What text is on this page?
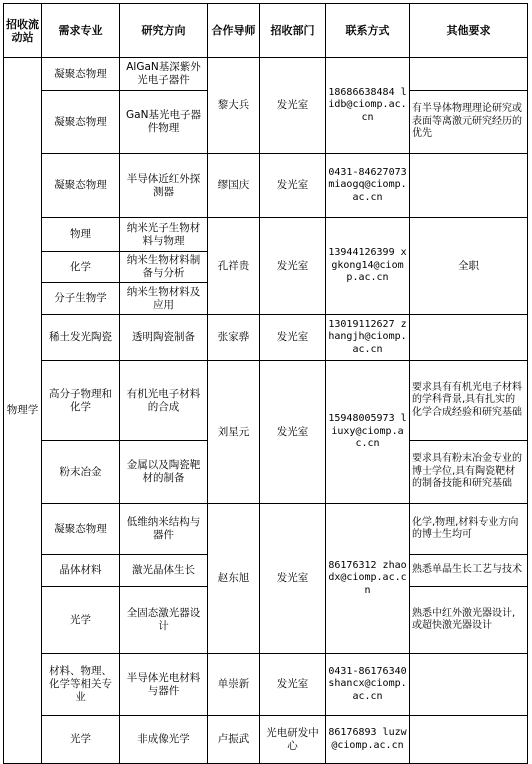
招收流动站	需求专业	研究方向	合作导师	招收部门	联系方式	其他要求
物理学	凝聚态物理	AlGaN基深紫外光电子器件	黎大兵	发光室	18686638484 lidb@ciomp.ac.cn	
	凝聚态物理	GaN基光电子器件物理				有半导体物理理论研究或表面等离激元研究经历的优先
	凝聚态物理	半导体近红外探测器	缪国庆	发光室	0431-84627073 miaogq@ciomp.ac.cn	
	物理	纳米光子生物材料与物理	孔祥贵	发光室	13944126399 xgkong14@ciomp.ac.cn	全职
	化学	纳米生物材料制备与分析				
	分子生物学	纳米生物材料及应用				
	稀土发光陶瓷	透明陶瓷制备	张家骅	发光室	13019112627 zhangjh@ciomp.ac.cn	
	高分子物理和化学	有机光电子材料的合成	刘星元	发光室	15948005973 liuxy@ciomp.ac.cn	要求具有有机光电子材料的学科背景,具有扎实的化学合成经验和研究基础
	粉末冶金	金属以及陶瓷靶材的制备				要求具有粉末冶金专业的博士学位,具有陶瓷靶材的制备技能和研究基础
	凝聚态物理	低维纳米结构与器件	赵东旭	发光室	86176312 zhaodx@ciomp.ac.cn	化学,物理,材料专业方向的博士生均可
	晶体材料	激光晶体生长				熟悉单晶生长工艺与技术
	光学	全固态激光器设计				熟悉中红外激光器设计,或超快激光器设计
	材料、物理、化学等相关专业	半导体光电材料与器件	单崇新	发光室	0431-86176340 shancx@ciomp.ac.cn	
	光学	非成像光学	卢振武	光电研发中心	86176893 luzw@ciomp.ac.cn	
